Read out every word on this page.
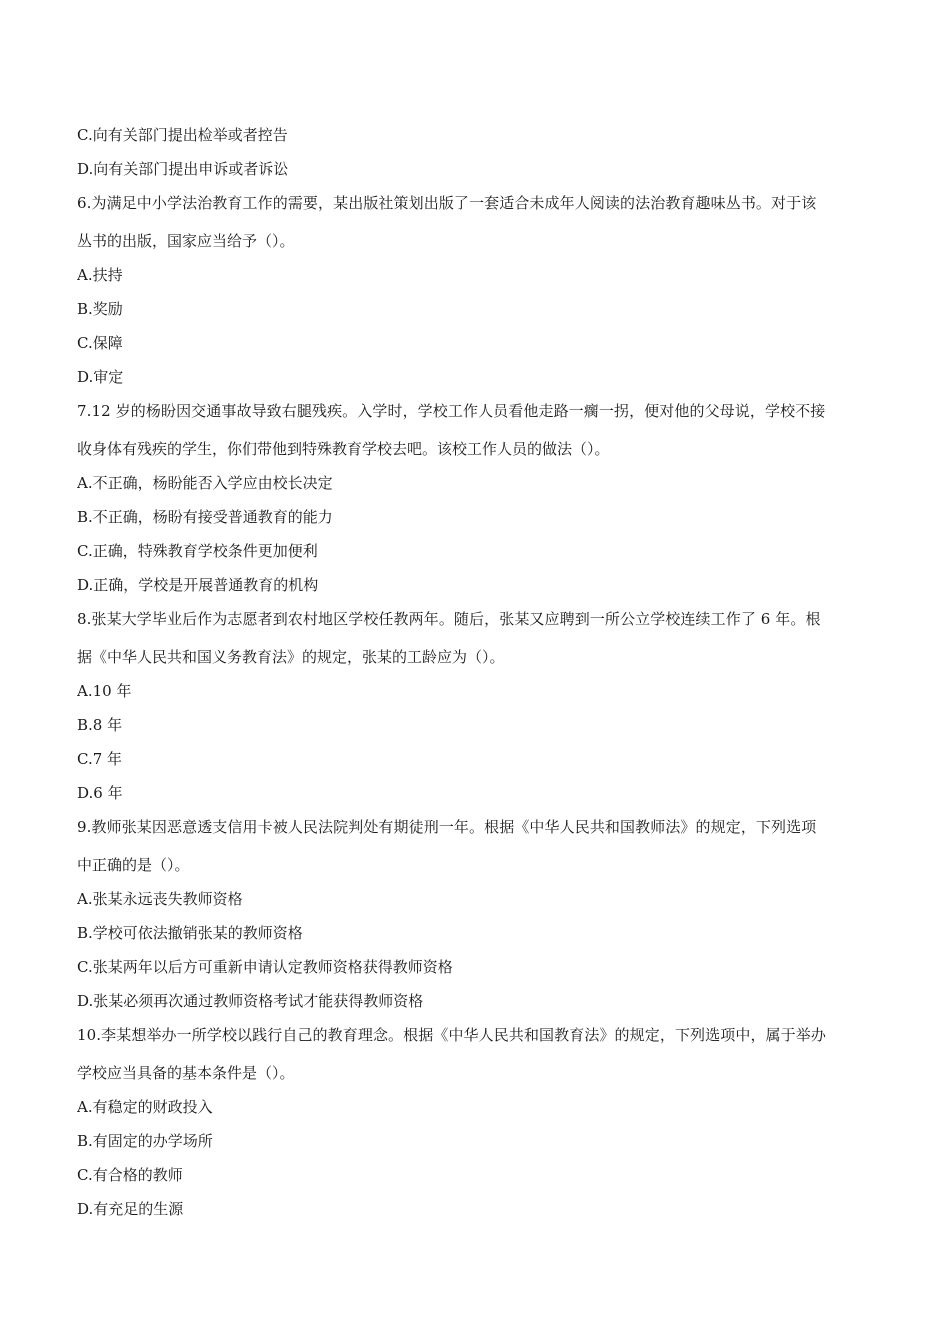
C.向有关部门提出检举或者控告
D.向有关部门提出申诉或者诉讼
6.为满足中小学法治教育工作的需要，某出版社策划出版了一套适合未成年人阅读的法治教育趣味丛书。对于该
丛书的出版，国家应当给予（）。
A.扶持
B.奖励
C.保障
D.审定
7.12 岁的杨盼因交通事故导致右腿残疾。入学时，学校工作人员看他走路一瘸一拐，便对他的父母说，学校不接
收身体有残疾的学生，你们带他到特殊教育学校去吧。该校工作人员的做法（）。
A.不正确，杨盼能否入学应由校长决定
B.不正确，杨盼有接受普通教育的能力
C.正确，特殊教育学校条件更加便利
D.正确，学校是开展普通教育的机构
8.张某大学毕业后作为志愿者到农村地区学校任教两年。随后，张某又应聘到一所公立学校连续工作了 6 年。根
据《中华人民共和国义务教育法》的规定，张某的工龄应为（）。
A.10 年
B.8 年
C.7 年
D.6 年
9.教师张某因恶意透支信用卡被人民法院判处有期徒刑一年。根据《中华人民共和国教师法》的规定，下列选项
中正确的是（）。
A.张某永远丧失教师资格
B.学校可依法撤销张某的教师资格
C.张某两年以后方可重新申请认定教师资格获得教师资格
D.张某必须再次通过教师资格考试才能获得教师资格
10.李某想举办一所学校以践行自己的教育理念。根据《中华人民共和国教育法》的规定，下列选项中，属于举办
学校应当具备的基本条件是（）。
A.有稳定的财政投入
B.有固定的办学场所
C.有合格的教师
D.有充足的生源
